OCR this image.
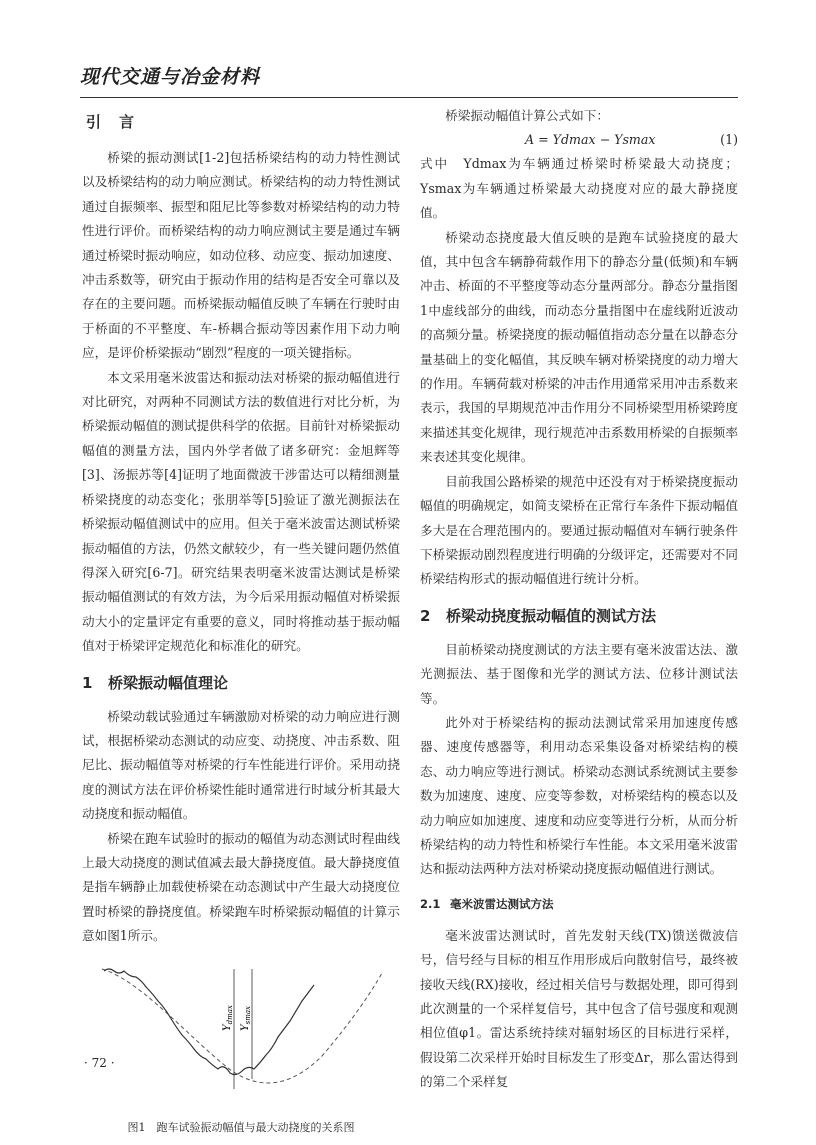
现代交通与冶金材料
引言

桥梁的振动测试[1-2]包括桥梁结构的动力特性测试以及桥梁结构的动力响应测试。桥梁结构的动力特性测试通过自振频率、振型和阻尼比等参数对桥梁结构的动力特性进行评价。而桥梁结构的动力响应测试主要是通过车辆通过桥梁时振动响应，如动位移、动应变、振动加速度、冲击系数等，研究由于振动作用的结构是否安全可靠以及存在的主要问题。而桥梁振动幅值反映了车辆在行驶时由于桥面的不平整度、车-桥耦合振动等因素作用下动力响应，是评价桥梁振动“剧烈”程度的一项关键指标。

本文采用毫米波雷达和振动法对桥梁的振动幅值进行对比研究，对两种不同测试方法的数值进行对比分析，为桥梁振动幅值的测试提供科学的依据。目前针对桥梁振动幅值的测量方法，国内外学者做了诸多研究：金旭辉等[3]、汤振苏等[4]证明了地面微波干涉雷达可以精细测量桥梁挠度的动态变化；张朋举等[5]验证了激光测振法在桥梁振动幅值测试中的应用。但关于毫米波雷达测试桥梁振动幅值的方法，仍然文献较少，有一些关键问题仍然值得深入研究[6-7]。研究结果表明毫米波雷达测试是桥梁振动幅值测试的有效方法，为今后采用振动幅值对桥梁振动大小的定量评定有重要的意义，同时将推动基于振动幅值对于桥梁评定规范化和标准化的研究。

1 桥梁振动幅值理论

桥梁动载试验通过车辆激励对桥梁的动力响应进行测试，根据桥梁动态测试的动应变、动挠度、冲击系数、阻尼比、振动幅值等对桥梁的行车性能进行评价。采用动挠度的测试方法在评价桥梁性能时通常进行时域分析其最大动挠度和振动幅值。

桥梁在跑车试验时的振动的幅值为动态测试时程曲线上最大动挠度的测试值减去最大静挠度值。最大静挠度值是指车辆静止加载使桥梁在动态测试中产生最大动挠度位置时桥梁的静挠度值。桥梁跑车时桥梁振动幅值的计算示意如图1所示。

$Y_{dmax}$
$Y_{smax}$
图1　跑车试验振动幅值与最大动挠度的关系图

桥梁振动幅值计算公式如下：

A = Ydmax − Ysmax	(1)

式中　Ydmax为车辆通过桥梁时桥梁最大动挠度；Ysmax为车辆通过桥梁最大动挠度对应的最大静挠度值。

桥梁动态挠度最大值反映的是跑车试验挠度的最大值，其中包含车辆静荷载作用下的静态分量(低频)和车辆冲击、桥面的不平整度等动态分量两部分。静态分量指图1中虚线部分的曲线，而动态分量指图中在虚线附近波动的高频分量。桥梁挠度的振动幅值指动态分量在以静态分量基础上的变化幅值，其反映车辆对桥梁挠度的动力增大的作用。车辆荷载对桥梁的冲击作用通常采用冲击系数来表示，我国的早期规范冲击作用分不同桥梁型用桥梁跨度来描述其变化规律，现行规范冲击系数用桥梁的自振频率来表述其变化规律。

目前我国公路桥梁的规范中还没有对于桥梁挠度振动幅值的明确规定，如简支梁桥在正常行车条件下振动幅值多大是在合理范围内的。要通过振动幅值对车辆行驶条件下桥梁振动剧烈程度进行明确的分级评定，还需要对不同桥梁结构形式的振动幅值进行统计分析。

2 桥梁动挠度振动幅值的测试方法

目前桥梁动挠度测试的方法主要有毫米波雷达法、激光测振法、基于图像和光学的测试方法、位移计测试法等。

此外对于桥梁结构的振动法测试常采用加速度传感器、速度传感器等，利用动态采集设备对桥梁结构的模态、动力响应等进行测试。桥梁动态测试系统测试主要参数为加速度、速度、应变等参数，对桥梁结构的模态以及动力响应如加速度、速度和动应变等进行分析，从而分析桥梁结构的动力特性和桥梁行车性能。本文采用毫米波雷达和振动法两种方法对桥梁动挠度振动幅值进行测试。

2.1 毫米波雷达测试方法

毫米波雷达测试时，首先发射天线(TX)馈送微波信号，信号经与目标的相互作用形成后向散射信号，最终被接收天线(RX)接收，经过相关信号与数据处理，即可得到此次测量的一个采样复信号，其中包含了信号强度和观测相位值φ1。雷达系统持续对辐射场区的目标进行采样，假设第二次采样开始时目标发生了形变Δr，那么雷达得到的第二个采样复

· 72 ·
